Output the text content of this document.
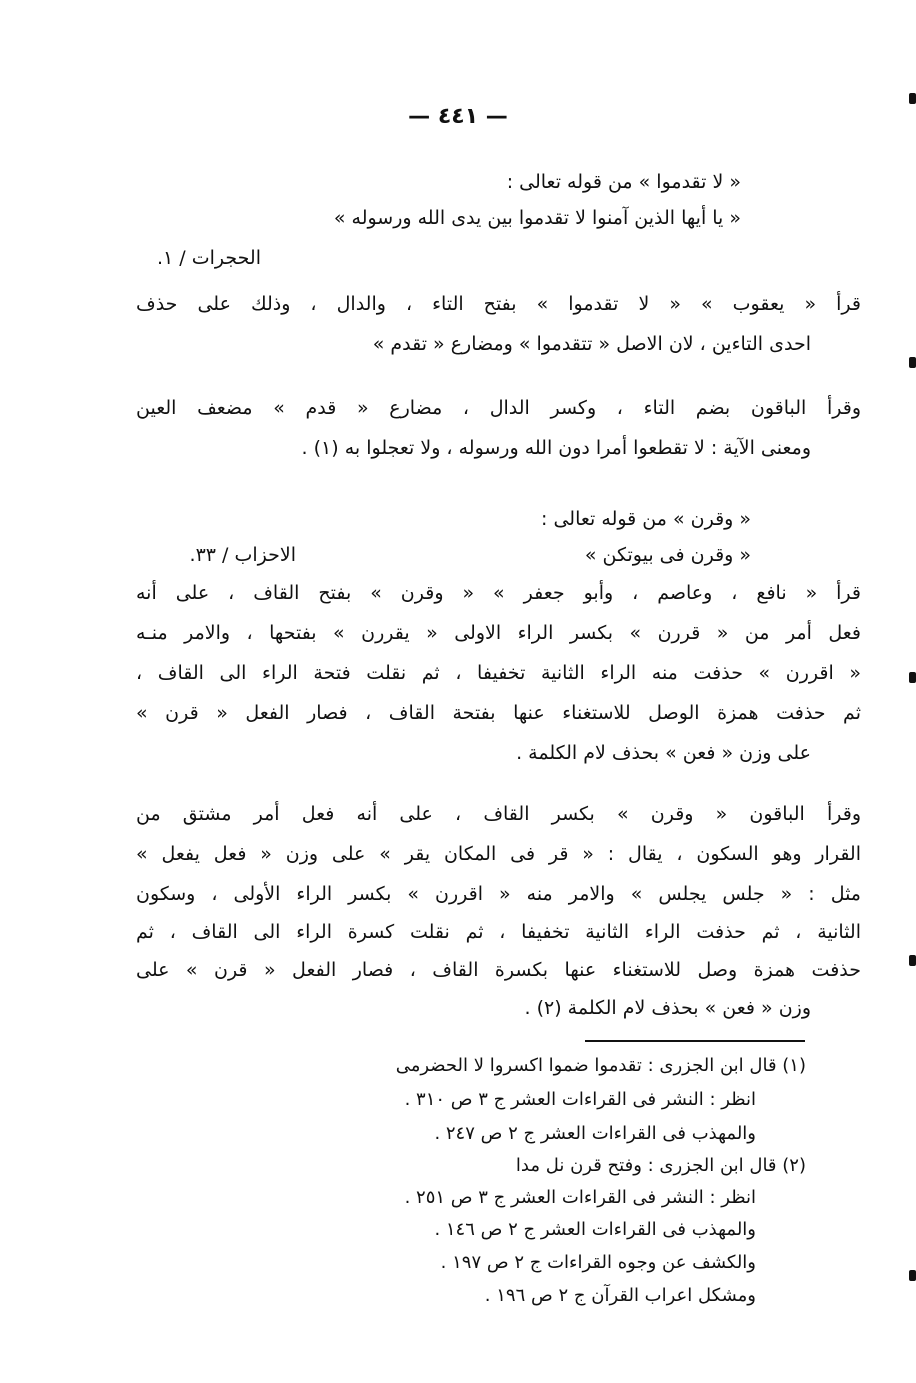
— ٤٤١ —
« لا تقدموا » من قوله تعالى :
« يا أيها الذين آمنوا لا تقدموا بين يدى الله ورسوله »
الحجرات / ١.
قرأ « يعقوب » « لا تقدموا » بفتح التاء ، والدال ، وذلك على حذف
احدى التاءين ، لان الاصل « تتقدموا » ومضارع « تقدم »
وقرأ الباقون بضم التاء ، وكسر الدال ، مضارع « قدم » مضعف العين
ومعنى الآية : لا تقطعوا أمرا دون الله ورسوله ، ولا تعجلوا به (١) .
« وقرن » من قوله تعالى :
« وقرن فى بيوتكن »
الاحزاب / ٣٣.
قرأ « نافع ، وعاصم ، وأبو جعفر » « وقرن » بفتح القاف ، على أنه
فعل أمر من « قررن » بكسر الراء الاولى « يقررن » بفتحها ، والامر منـه
« اقررن » حذفت منه الراء الثانية تخفيفا ، ثم نقلت فتحة الراء الى القاف ،
ثم حذفت همزة الوصل للاستغناء عنها بفتحة القاف ، فصار الفعل « قرن »
على وزن « فعن » بحذف لام الكلمة .
وقرأ الباقون « وقرن » بكسر القاف ، على أنه فعل أمر مشتق من
القرار وهو السكون ، يقال : « قر فى المكان يقر » على وزن « فعل يفعل »
مثل : « جلس يجلس » والامر منه « اقررن » بكسر الراء الأولى ، وسكون
الثانية ، ثم حذفت الراء الثانية تخفيفا ، ثم نقلت كسرة الراء الى القاف ، ثم
حذفت همزة وصل للاستغناء عنها بكسرة القاف ، فصار الفعل « قرن » على
وزن « فعن » بحذف لام الكلمة (٢) .
(١) قال ابن الجزرى : تقدموا ضموا اكسروا لا الحضرمى
انظر : النشر فى القراءات العشر ج ٣ ص ٣١٠ .
والمهذب فى القراءات العشر ج ٢ ص ٢٤٧ .
(٢) قال ابن الجزرى : وفتح قرن نل مدا
انظر : النشر فى القراءات العشر ج ٣ ص ٢٥١ .
والمهذب فى القراءات العشر ج ٢ ص ١٤٦ .
والكشف عن وجوه القراءات ج ٢ ص ١٩٧ .
ومشكل اعراب القرآن ج ٢ ص ١٩٦ .
